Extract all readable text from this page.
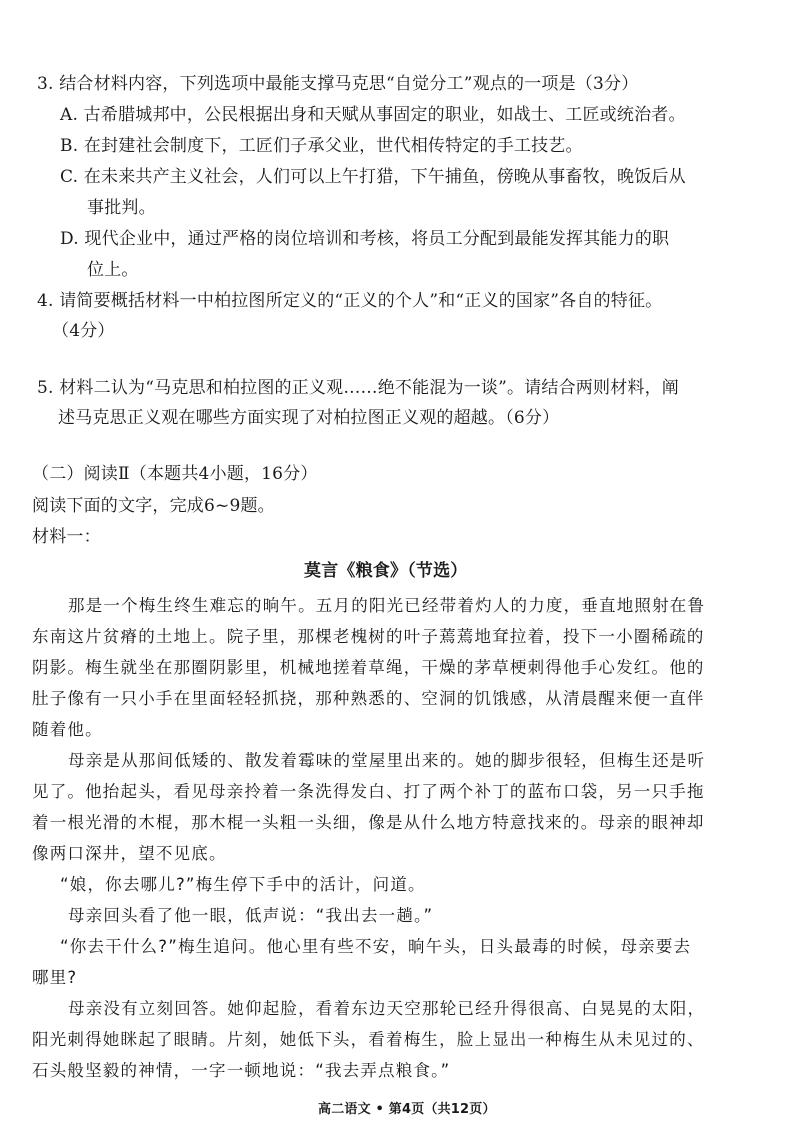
3. 结合材料内容，下列选项中最能支撑马克思“自觉分工”观点的一项是（3分）
A. 古希腊城邦中，公民根据出身和天赋从事固定的职业，如战士、工匠或统治者。
B. 在封建社会制度下，工匠们子承父业，世代相传特定的手工技艺。
C. 在未来共产主义社会，人们可以上午打猎，下午捕鱼，傍晚从事畜牧，晚饭后从
事批判。
D. 现代企业中，通过严格的岗位培训和考核，将员工分配到最能发挥其能力的职
位上。
4. 请简要概括材料一中柏拉图所定义的“正义的个人”和“正义的国家”各自的特征。
（4分）
5. 材料二认为“马克思和柏拉图的正义观……绝不能混为一谈”。请结合两则材料，阐
述马克思正义观在哪些方面实现了对柏拉图正义观的超越。（6分）
（二）阅读Ⅱ（本题共4小题，16分）
阅读下面的文字，完成6~9题。
材料一：
莫言《粮食》（节选）
那是一个梅生终生难忘的晌午。五月的阳光已经带着灼人的力度，垂直地照射在鲁
东南这片贫瘠的土地上。院子里，那棵老槐树的叶子蔫蔫地耷拉着，投下一小圈稀疏的
阴影。梅生就坐在那圈阴影里，机械地搓着草绳，干燥的茅草梗刺得他手心发红。他的
肚子像有一只小手在里面轻轻抓挠，那种熟悉的、空洞的饥饿感，从清晨醒来便一直伴
随着他。
母亲是从那间低矮的、散发着霉味的堂屋里出来的。她的脚步很轻，但梅生还是听
见了。他抬起头，看见母亲拎着一条洗得发白、打了两个补丁的蓝布口袋，另一只手拖
着一根光滑的木棍，那木棍一头粗一头细，像是从什么地方特意找来的。母亲的眼神却
像两口深井，望不见底。
“娘，你去哪儿?”梅生停下手中的活计，问道。
母亲回头看了他一眼，低声说：“我出去一趟。”
“你去干什么?”梅生追问。他心里有些不安，晌午头，日头最毒的时候，母亲要去
哪里?
母亲没有立刻回答。她仰起脸，看着东边天空那轮已经升得很高、白晃晃的太阳，
阳光刺得她眯起了眼睛。片刻，她低下头，看着梅生，脸上显出一种梅生从未见过的、
石头般坚毅的神情，一字一顿地说：“我去弄点粮食。”
高二语文 • 第4页（共12页）
